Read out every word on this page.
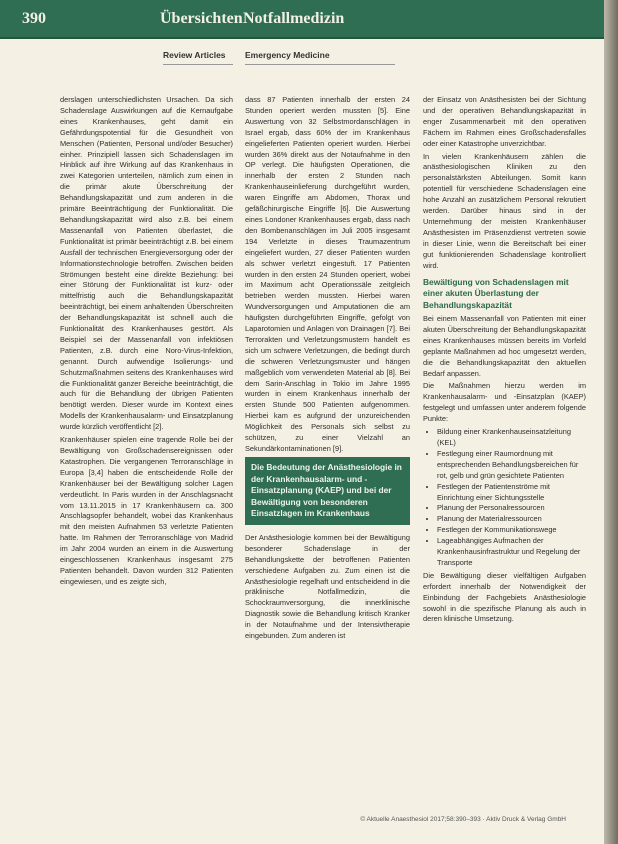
390	Übersichten Notfallmedizin
Review Articles Emergency Medicine

derslagen unterschiedlichsten Ursachen. Da sich Schadenslage Auswirkungen auf die Kernaufgabe eines Krankenhauses, geht damit ein Gefährdungspotential für die Gesundheit von Menschen (Patienten, Personal und/oder Besucher) einher. Prinzipiell lassen sich Schadenslagen im Hinblick auf ihre Wirkung auf das Krankenhaus in zwei Kategorien unterteilen, nämlich zum einen in die primär akute Überschreitung der Behandlungskapazität und zum anderen in die primäre Beeinträchtigung der Funktionalität. Die Behandlungskapazität wird also z.B. bei einem Massenanfall von Patienten überlastet, die Funktionalität ist primär beeinträchtigt z.B. bei einem Ausfall der technischen Energieversorgung oder der Informationstechnologie betroffen. Zwischen beiden Strömungen besteht eine direkte Beziehung: bei einer Störung der Funktionalität ist kurz- oder mittelfristig auch die Behandlungskapazität beeinträchtigt, bei einem anhaltenden Überschreiten der Behandlungskapazität ist schnell auch die Funktionalität des Krankenhauses gestört. Als Beispiel sei der Massenanfall von infektiösen Patienten, z.B. durch eine Noro-Virus-Infektion, genannt. Durch aufwendige Isolierungs- und Schutzmaßnahmen seitens des Krankenhauses wird die Funktionalität ganzer Bereiche beeinträchtigt, die auch für die Behandlung der übrigen Patienten benötigt werden. Dieser wurde im Kontext eines Modells der Krankenhausalarm- und Einsatzplanung wurde kürzlich veröffentlicht [2].

Krankenhäuser spielen eine tragende Rolle bei der Bewältigung von Großschadensereignissen oder Katastrophen. Die vergangenen Terroranschläge in Europa [3,4] haben die entscheidende Rolle der Krankenhäuser bei der Bewältigung solcher Lagen verdeutlicht. In Paris wurden in der Anschlagsnacht vom 13.11.2015 in 17 Krankenhäusern ca. 300 Anschlagsopfer behandelt, wobei das Krankenhaus mit den meisten Aufnahmen 53 verletzte Patienten hatte. Im Rahmen der Terroranschläge von Madrid im Jahr 2004 wurden an einem in die Auswertung eingeschlossenen Krankenhaus insgesamt 275 Patienten behandelt. Davon wurden 312 Patienten eingewiesen, und es zeigte sich,

dass 87 Patienten innerhalb der ersten 24 Stunden operiert werden mussten [5]. Eine Auswertung von 32 Selbstmordanschlägen in Israel ergab, dass 60% der im Krankenhaus eingelieferten Patienten operiert wurden. Hierbei wurden 36% direkt aus der Notaufnahme in den OP verlegt. Die häufigsten Operationen, die innerhalb der ersten 2 Stunden nach Krankenhauseinlieferung durchgeführt wurden, waren Eingriffe am Abdomen, Thorax und gefäßchirurgische Eingriffe [6]. Die Auswertung eines Londoner Krankenhauses ergab, dass nach den Bombenanschlägen im Juli 2005 insgesamt 194 Verletzte in dieses Traumazentrum eingeliefert wurden, 27 dieser Patienten wurden als schwer verletzt eingestuft. 17 Patienten wurden in den ersten 24 Stunden operiert, wobei im Maximum acht Operationssäle zeitgleich betrieben werden mussten. Hierbei waren Wundversorgungen und Amputationen die am häufigsten durchgeführten Eingriffe, gefolgt von Laparotomien und Anlagen von Drainagen [7]. Bei Terrorakten und Verletzungsmustern handelt es sich um schwere Verletzungen, die bedingt durch die schweren Verletzungsmuster und hängen maßgeblich vom verwendeten Material ab [8]. Bei dem Sarin-Anschlag in Tokio im Jahre 1995 wurden in einem Krankenhaus innerhalb der ersten Stunde 500 Patienten aufgenommen. Hierbei kam es aufgrund der unzureichenden Möglichkeit des Personals sich selbst zu schützen, zu einer Vielzahl an Sekundärkontaminationen [9].

Die Bedeutung der Anästhesiologie in der Krankenhausalarm- und -Einsatzplanung (KAEP) und bei der Bewältigung von besonderen Einsatzlagen im Krankenhaus

Der Anästhesiologie kommen bei der Bewältigung besonderer Schadenslage in der Behandlungskette der betroffenen Patienten verschiedene Aufgaben zu. Zum einen ist die Anästhesiologie regelhaft und entscheidend in die präklinische Notfallmedizin, die Schockraumversorgung, die innerklinische Diagnostik sowie die Behandlung kritisch Kranker in der Notaufnahme und der Intensivtherapie eingebunden. Zum anderen ist

der Einsatz von Anästhesisten bei der Sichtung und der operativen Behandlungskapazität in enger Zusammenarbeit mit den operativen Fächern im Rahmen eines Großschadensfalles oder einer Katastrophe unverzichtbar.

In vielen Krankenhäusern zählen die anästhesiologischen Kliniken zu den personalstärksten Abteilungen. Somit kann potentiell für verschiedene Schadenslagen eine hohe Anzahl an zusätzlichem Personal rekrutiert werden. Darüber hinaus sind in der Unternehmung der meisten Krankenhäuser Anästhesisten im Präsenzdienst vertreten sowie in dieser Linie, wenn die Bereitschaft bei einer gut funktionierenden Schadenslage kontrolliert wird.

Bewältigung von Schadenslagen mit einer akuten Überlastung der Behandlungskapazität

Bei einem Massenanfall von Patienten mit einer akuten Überschreitung der Behandlungskapazität eines Krankenhauses müssen bereits im Vorfeld geplante Maßnahmen ad hoc umgesetzt werden, die die Behandlungskapazität den aktuellen Bedarf anpassen.

Die Maßnahmen hierzu werden im Krankenhausalarm- und -Einsatzplan (KAEP) festgelegt und umfassen unter anderem folgende Punkte:

• Bildung einer Krankenhauseinsatzleitung (KEL)
• Festlegung einer Raumordnung mit entsprechenden Behandlungsbereichen für rot, gelb und grün gesichtete Patienten
• Festlegen der Patientenströme mit Einrichtung einer Sichtungsstelle
• Planung der Personalressourcen
• Planung der Materialressourcen
• Festlegen der Kommunikationswege
• Lageabhängiges Aufmachen der Krankenhausinfrastruktur und Regelung der Transporte

Die Bewältigung dieser vielfältigen Aufgaben erfordert innerhalb der Notwendigkeit der Einbindung der Fachgebiets Anästhesiologie sowohl in die spezifische Planung als auch in deren klinische Umsetzung.

© Aktuelle Anaesthesiol 2017;58:390–393 · Aktiv Druck & Verlag GmbH
